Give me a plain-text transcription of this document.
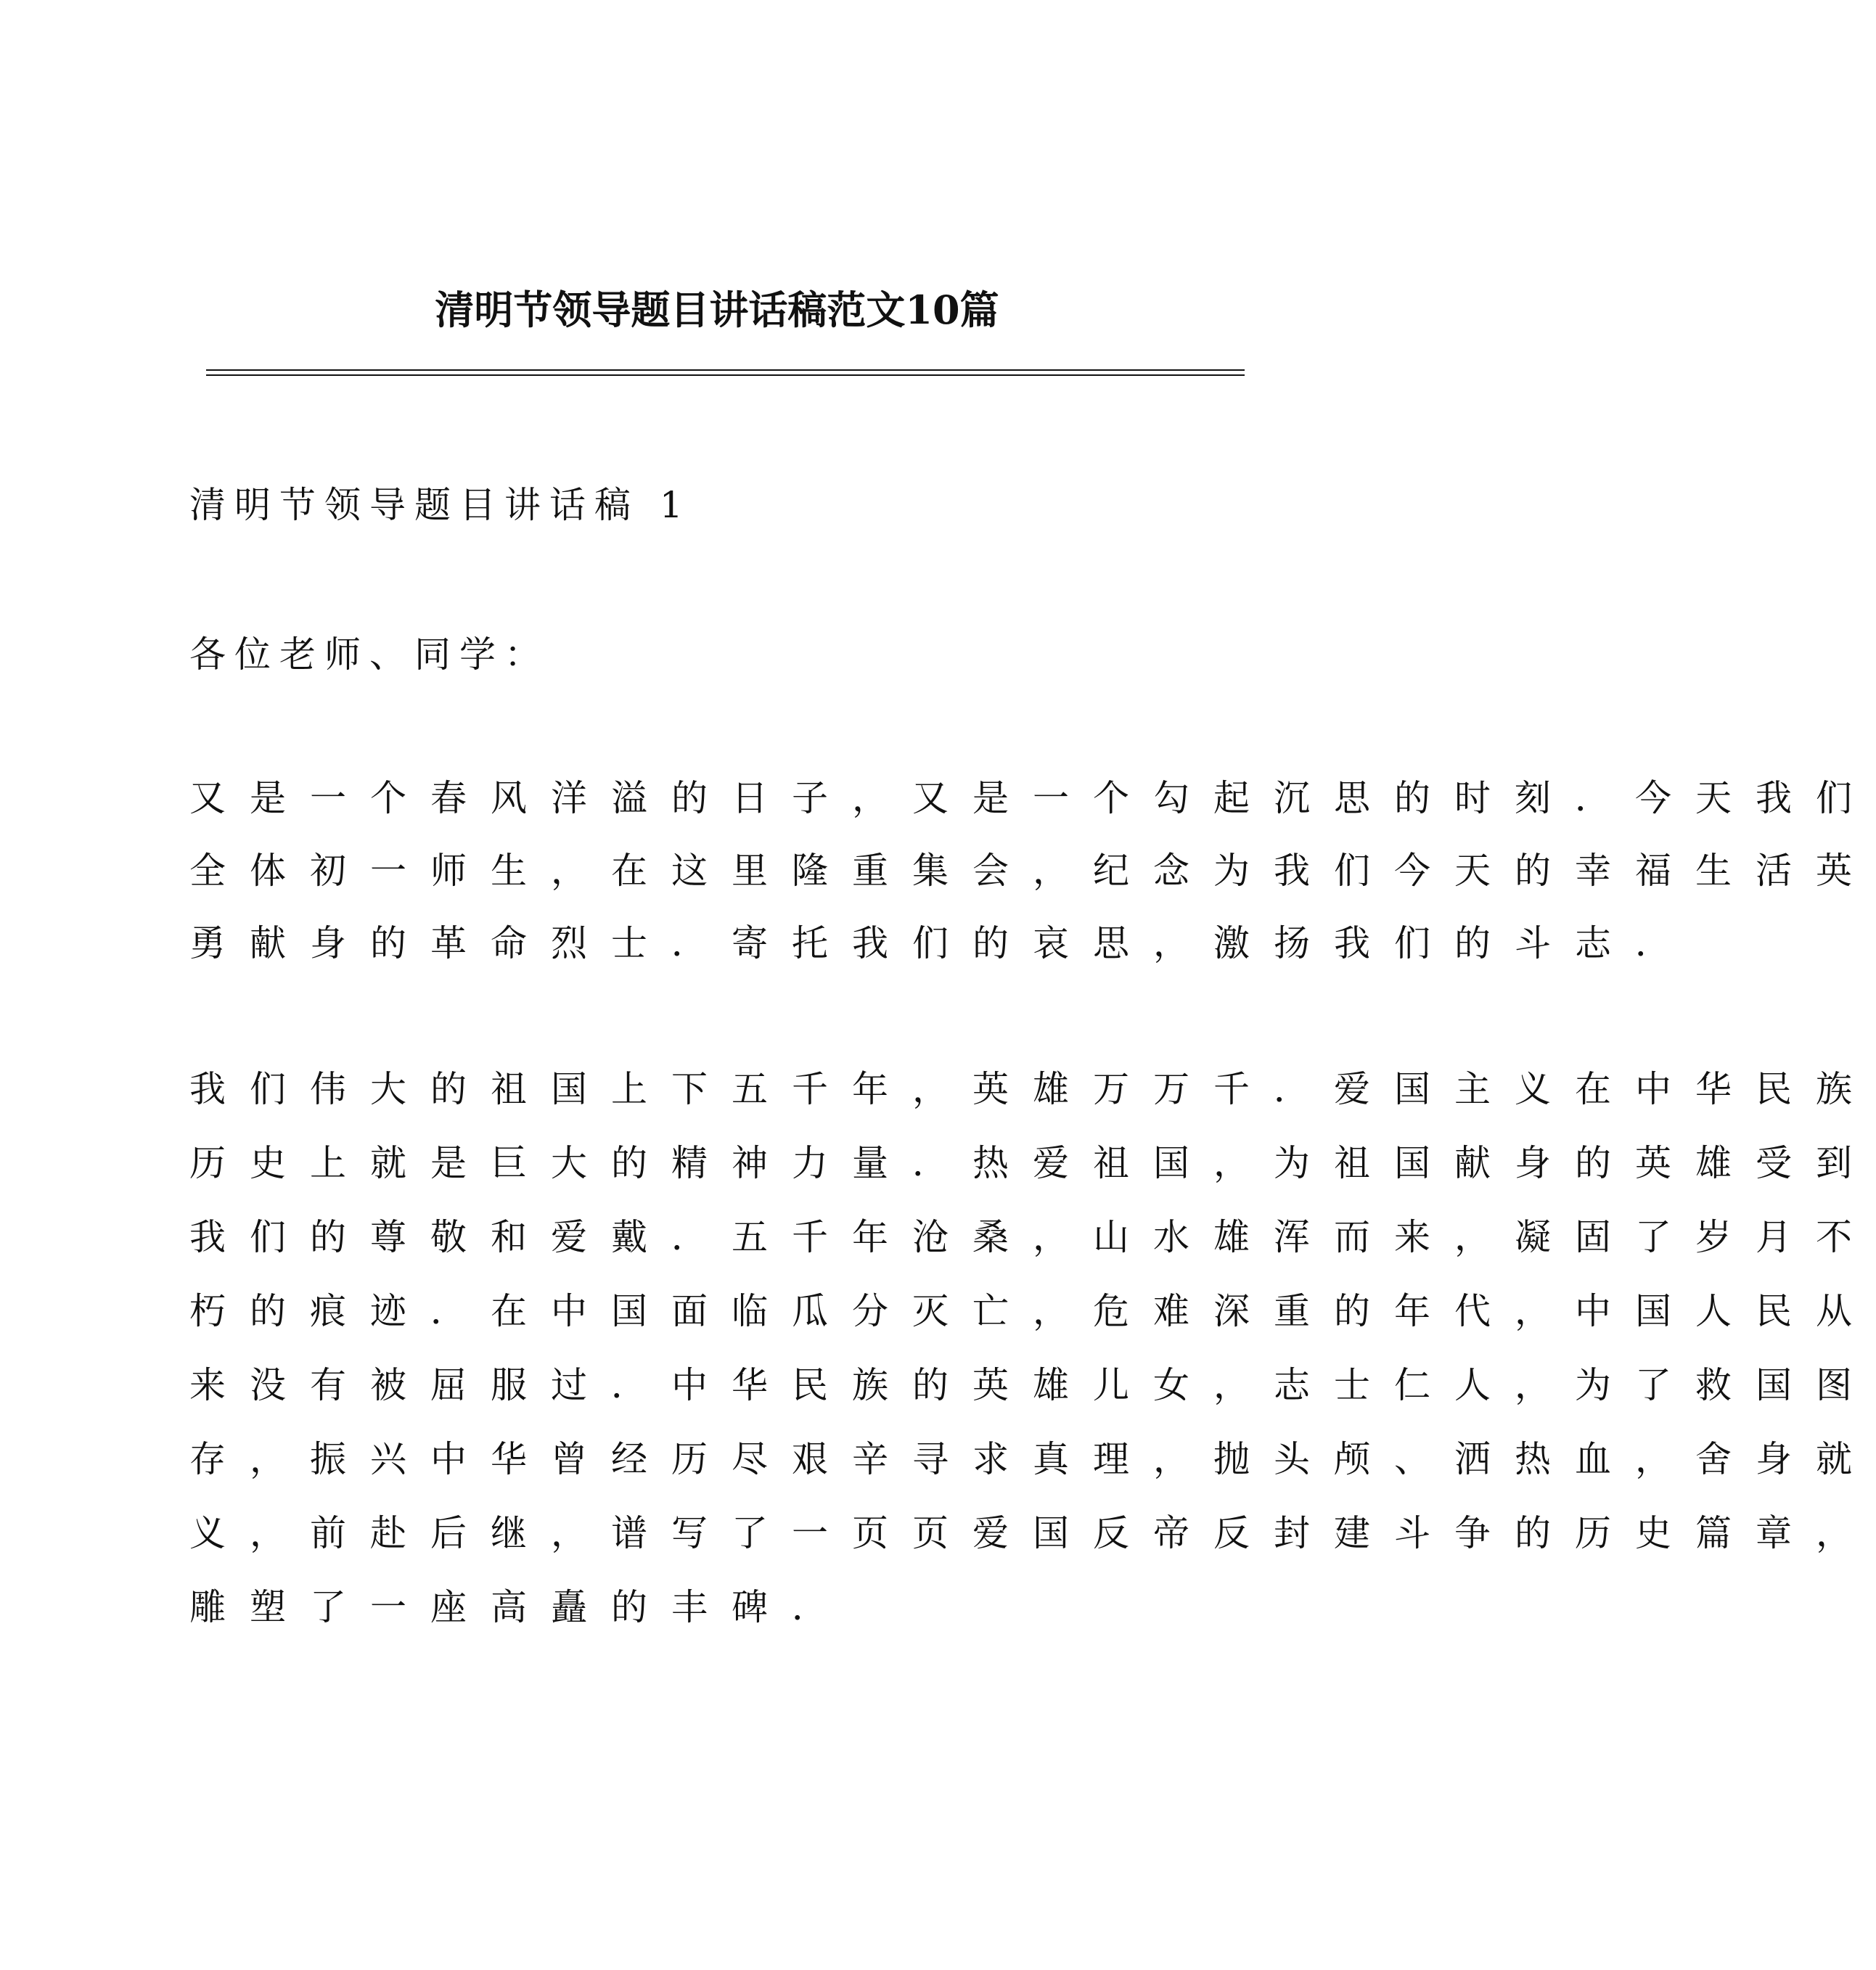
清明节领导题目讲话稿范文10篇
清明节领导题目讲话稿 1
各位老师、同学：
又是一个春风洋溢的日子，又是一个勾起沉思的时刻．今天我们
全体初一师生，在这里隆重集会，纪念为我们今天的幸福生活英
勇献身的革命烈士．寄托我们的哀思，激扬我们的斗志．
我们伟大的祖国上下五千年，英雄万万千．爱国主义在中华民族
历史上就是巨大的精神力量．热爱祖国，为祖国献身的英雄受到
我们的尊敬和爱戴．五千年沧桑，山水雄浑而来，凝固了岁月不
朽的痕迹．在中国面临瓜分灭亡，危难深重的年代，中国人民从
来没有被屈服过．中华民族的英雄儿女，志士仁人，为了救国图
存，振兴中华曾经历尽艰辛寻求真理，抛头颅、洒热血，舍身就
义，前赴后继，谱写了一页页爱国反帝反封建斗争的历史篇章，
雕塑了一座高矗的丰碑．
